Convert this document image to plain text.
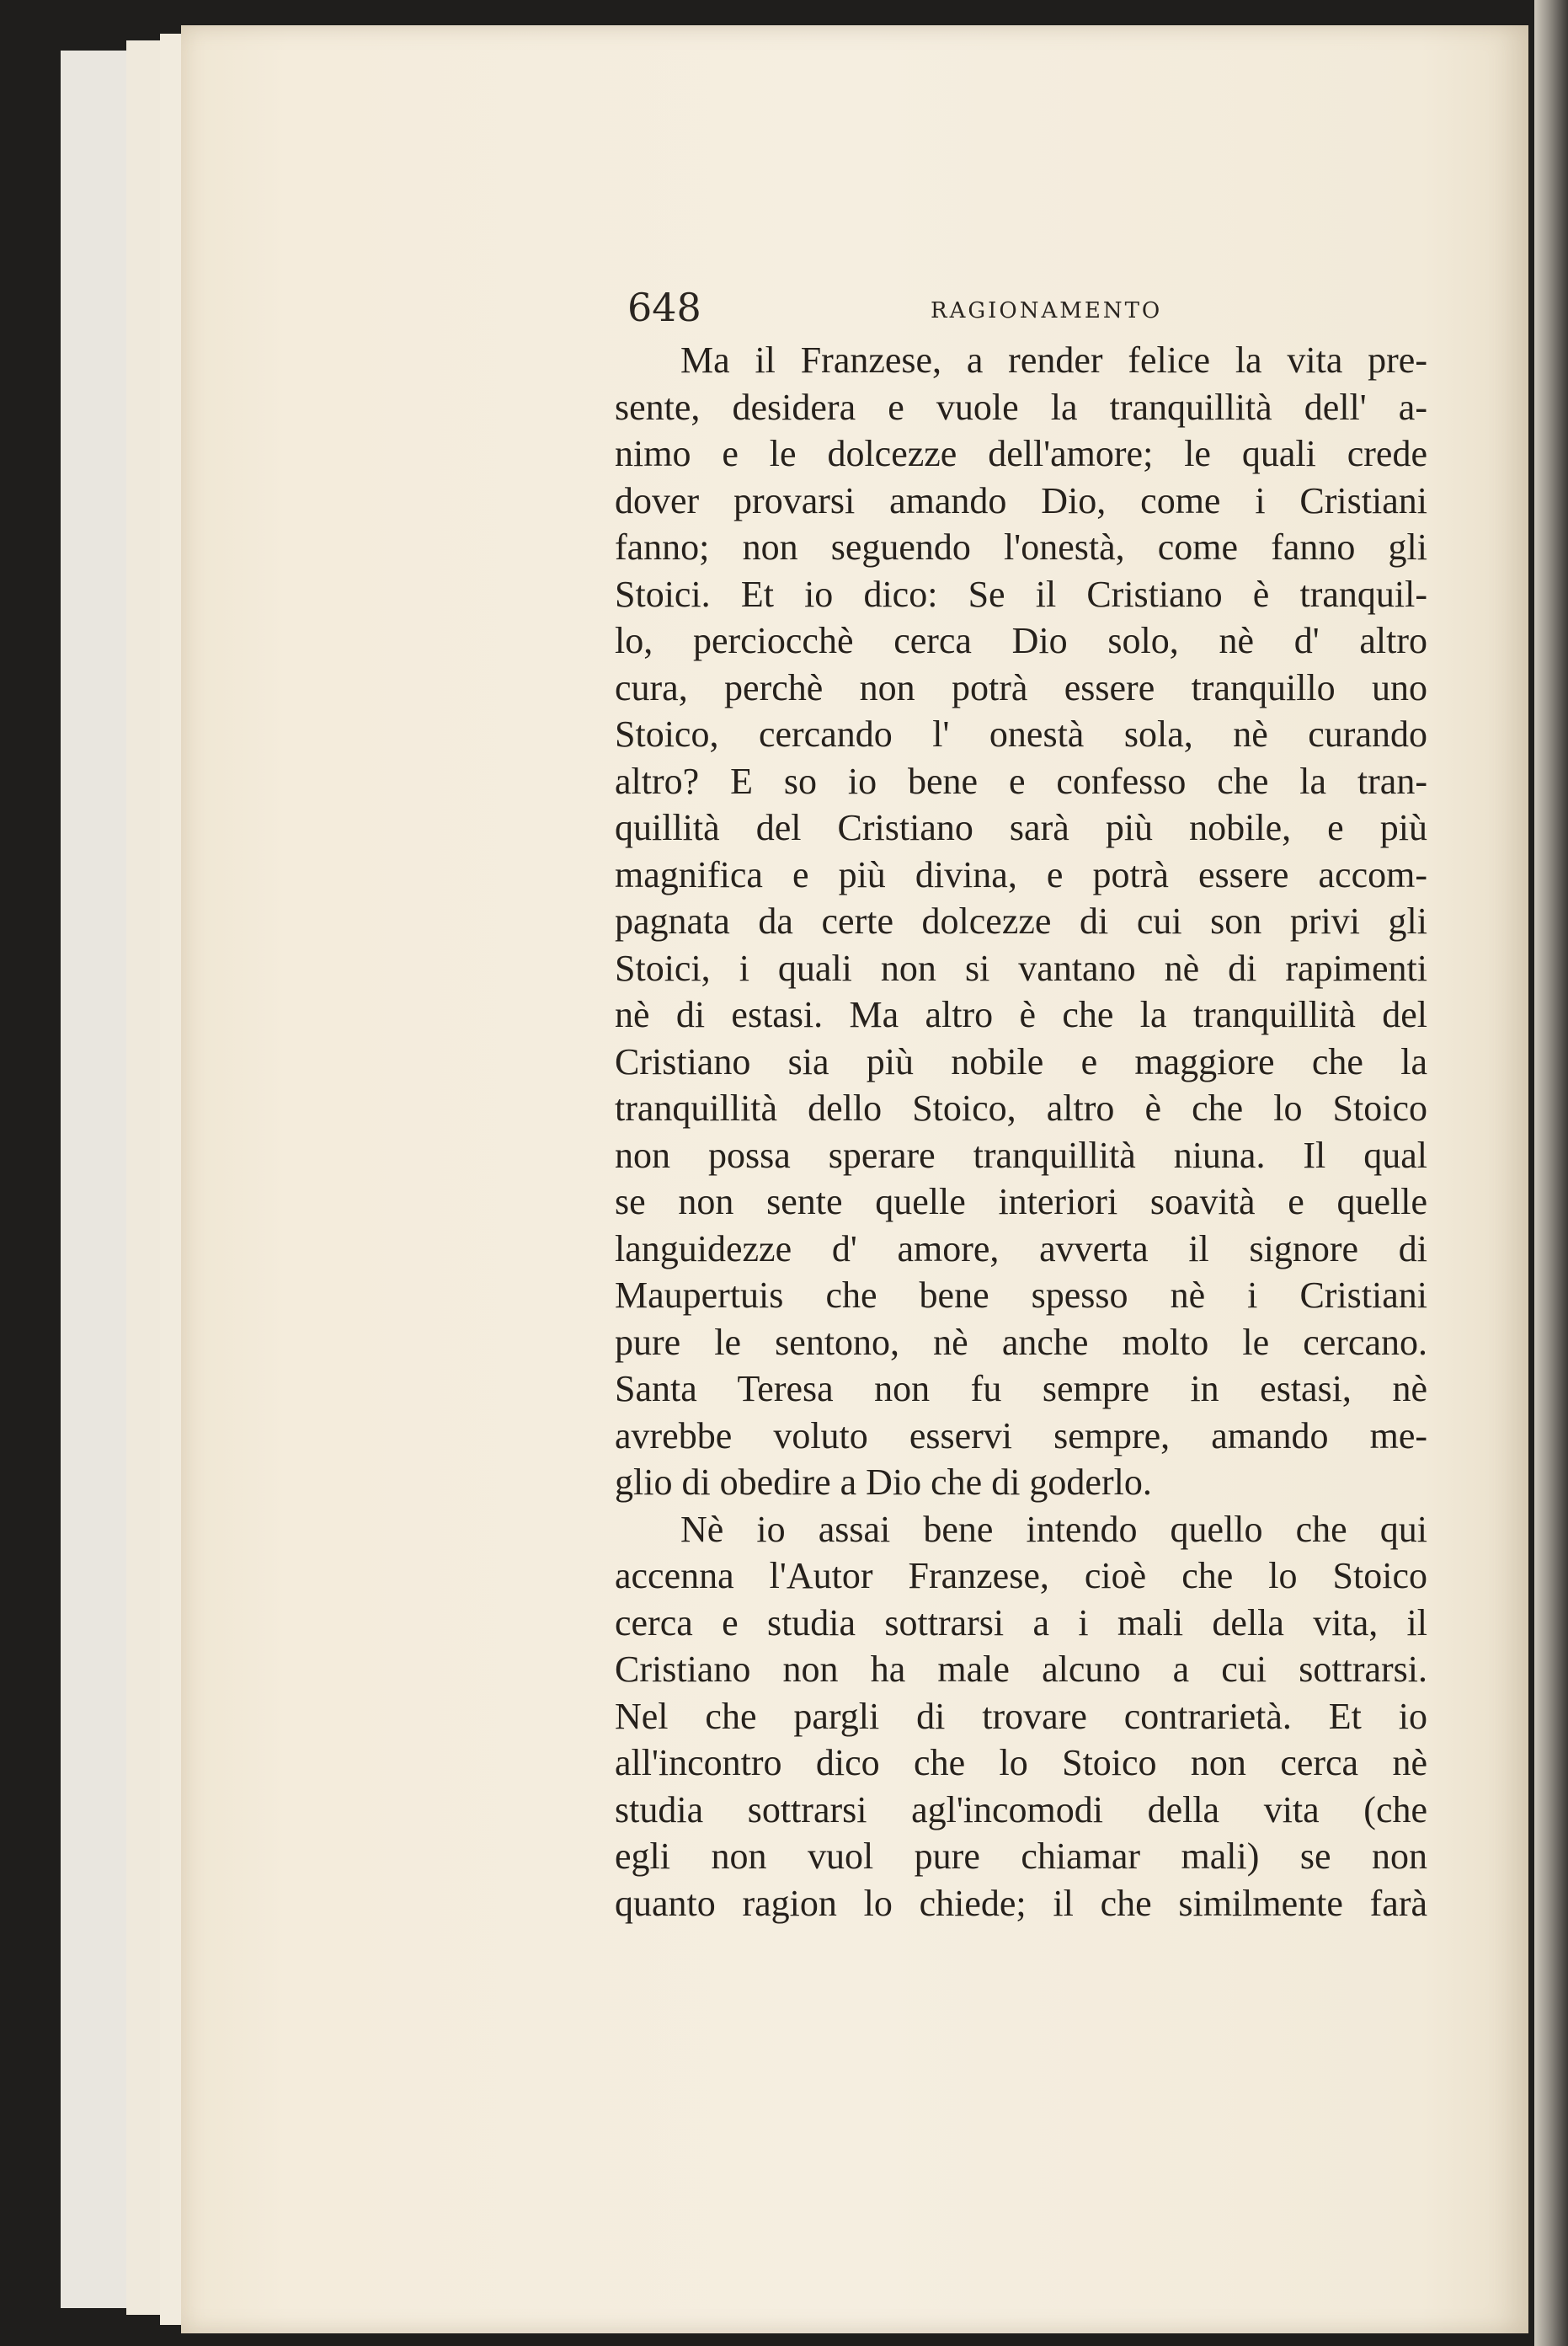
648	RAGIONAMENTO
Ma il Franzese, a render felice la vita pre-
sente, desidera e vuole la tranquillità dell' a-
nimo e le dolcezze dell'amore; le quali crede
dover provarsi amando Dio, come i Cristiani
fanno; non seguendo l'onestà, come fanno gli
Stoici. Et io dico: Se il Cristiano è tranquil-
lo, perciocchè cerca Dio solo, nè d' altro
cura, perchè non potrà essere tranquillo uno
Stoico, cercando l' onestà sola, nè curando
altro? E so io bene e confesso che la tran-
quillità del Cristiano sarà più nobile, e più
magnifica e più divina, e potrà essere accom-
pagnata da certe dolcezze di cui son privi gli
Stoici, i quali non si vantano nè di rapimenti
nè di estasi. Ma altro è che la tranquillità del
Cristiano sia più nobile e maggiore che la
tranquillità dello Stoico, altro è che lo Stoico
non possa sperare tranquillità niuna. Il qual
se non sente quelle interiori soavità e quelle
languidezze d' amore, avverta il signore di
Maupertuis che bene spesso nè i Cristiani
pure le sentono, nè anche molto le cercano.
Santa Teresa non fu sempre in estasi, nè
avrebbe voluto esservi sempre, amando me-
glio di obedire a Dio che di goderlo.
Nè io assai bene intendo quello che qui
accenna l'Autor Franzese, cioè che lo Stoico
cerca e studia sottrarsi a i mali della vita, il
Cristiano non ha male alcuno a cui sottrarsi.
Nel che pargli di trovare contrarietà. Et io
all'incontro dico che lo Stoico non cerca nè
studia sottrarsi agl'incomodi della vita (che
egli non vuol pure chiamar mali) se non
quanto ragion lo chiede; il che similmente farà
